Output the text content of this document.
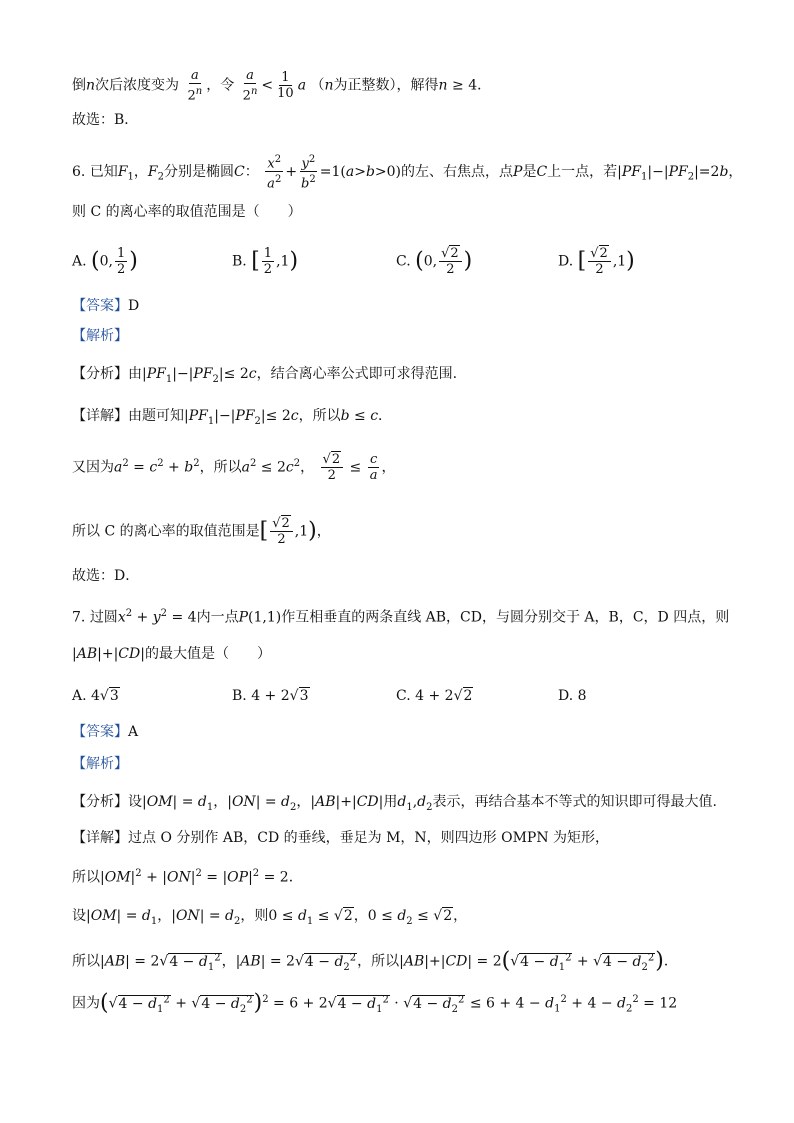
倒n次后浓度变为 $\frac{a}{2^n}$ ，令 $\frac{a}{2^n} < \frac{1}{10}$ a （n为正整数），解得n ≥ 4．
故选：B．
6. 已知$F_1$，$F_2$分别是椭圆C： $\frac{x^2}{a^2} + \frac{y^2}{b^2} =1(a>b>0)$的左、右焦点，点P是C上一点，若$|PF_1|-|PF_2|=2b$，
则 C 的离心率的取值范围是（　　）
A. (0, $\frac{1}{2}$ )	B. [ $\frac{1}{2} ,1$)	C. (0, $\frac{√2}{2}$ )	D. [ $\frac{√2}{2} ,1$)
【答案】D
【解析】
【分析】由$|PF_1|-|PF_2|\le 2c$，结合离心率公式即可求得范围.
【详解】由题可知$|PF_1|-|PF_2|\le 2c$，所以b ≤ c．
又因为$a^2 = c^2 + b^2$，所以$a^2 \le 2c^2$， $\frac{√2}{2} \le \frac{c}{a}$ ，
所以 C 的离心率的取值范围是[ $\frac{√2}{2} ,1$)，
故选：D．
7. 过圆$x^2 + y^2 = 4$内一点P(1,1)作互相垂直的两条直线 AB，CD，与圆分别交于 A，B，C，D 四点，则
|AB|+|CD|的最大值是（　　）
A. 4√3	B. 4 + 2√3	C. 4 + 2√2	D. 8
【答案】A
【解析】
【分析】设$|OM| = d_1$，$|ON| = d_2$，|AB|+|CD|用$d_1,d_2$表示，再结合基本不等式的知识即可得最大值.
【详解】过点 O 分别作 AB，CD 的垂线，垂足为 M，N，则四边形 OMPN 为矩形，
所以$|OM|^2 + |ON|^2 = |OP|^2 = 2$．
设$|OM| = d_1$，$|ON| = d_2$，则$0 \le d_1 \le √2$，$0 \le d_2 \le √2$，
所以$|AB| = 2√4 - d_1^2$，$|AB| = 2√4 - d_2^2$，所以$|AB|+|CD| = 2(√4 - d_1^2 + √4 - d_2^2)$．
因为$(√4 - d_1^2 + √4 - d_2^2)^2 = 6 + 2√4 - d_1^2 \cdot √4 - d_2^2 \le 6 + 4 - d_1^2 + 4 - d_2^2 = 12$
